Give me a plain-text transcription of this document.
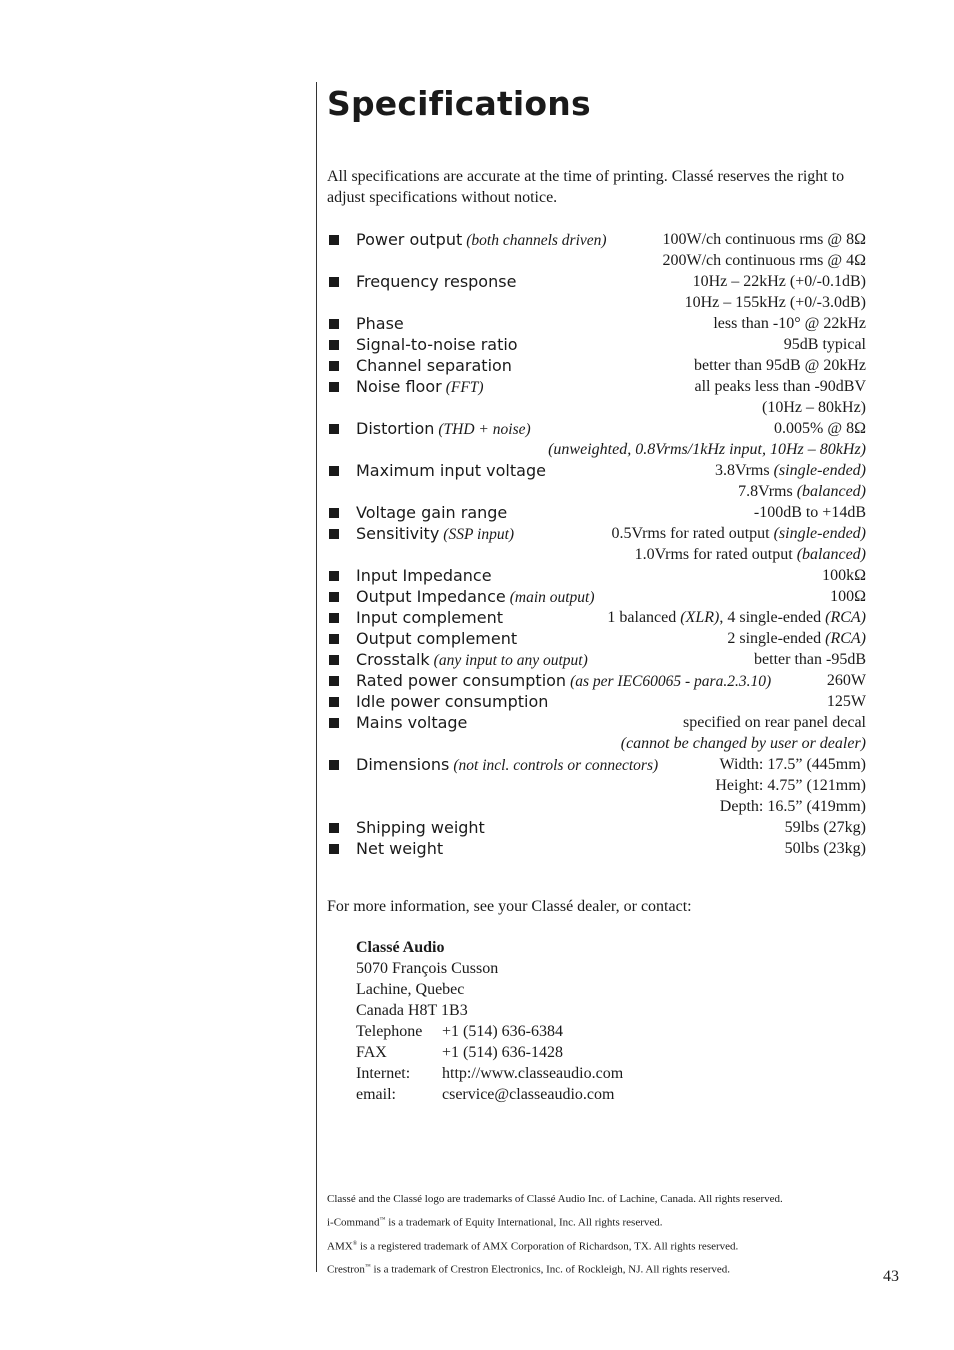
Specifications
All specifications are accurate at the time of printing. Classé reserves the right to adjust specifications without notice.
Power output (both channels driven)	100W/ch continuous rms @ 8Ω
200W/ch continuous rms @ 4Ω
Frequency response	10Hz – 22kHz (+0/-0.1dB)
10Hz – 155kHz (+0/-3.0dB)
Phase	less than -10° @ 22kHz
Signal-to-noise ratio	95dB typical
Channel separation	better than 95dB @ 20kHz
Noise floor (FFT)	all peaks less than -90dBV
(10Hz – 80kHz)
Distortion (THD + noise)	0.005% @ 8Ω
(unweighted, 0.8Vrms/1kHz input, 10Hz – 80kHz)
Maximum input voltage	3.8Vrms (single-ended)
7.8Vrms (balanced)
Voltage gain range	-100dB to +14dB
Sensitivity (SSP input)	0.5Vrms for rated output (single-ended)
1.0Vrms for rated output (balanced)
Input Impedance	100kΩ
Output Impedance (main output)	100Ω
Input complement	1 balanced (XLR), 4 single-ended (RCA)
Output complement	2 single-ended (RCA)
Crosstalk (any input to any output)	better than -95dB
Rated power consumption (as per IEC60065 - para.2.3.10)	260W
Idle power consumption	125W
Mains voltage	specified on rear panel decal
(cannot be changed by user or dealer)
Dimensions (not incl. controls or connectors)	Width: 17.5” (445mm)
Height: 4.75” (121mm)
Depth: 16.5” (419mm)
Shipping weight	59lbs (27kg)
Net weight	50lbs (23kg)
For more information, see your Classé dealer, or contact:
Classé Audio
5070 François Cusson
Lachine, Quebec
Canada H8T 1B3
Telephone +1 (514) 636-6384
FAX	+1 (514) 636-1428
Internet: http://www.classeaudio.com
email:	cservice@classeaudio.com
Classé and the Classé logo are trademarks of Classé Audio Inc. of Lachine, Canada. All rights reserved.
i-Command™ is a trademark of Equity International, Inc. All rights reserved.
AMX® is a registered trademark of AMX Corporation of Richardson, TX. All rights reserved.
Crestron™ is a trademark of Crestron Electronics, Inc. of Rockleigh, NJ. All rights reserved.	43
